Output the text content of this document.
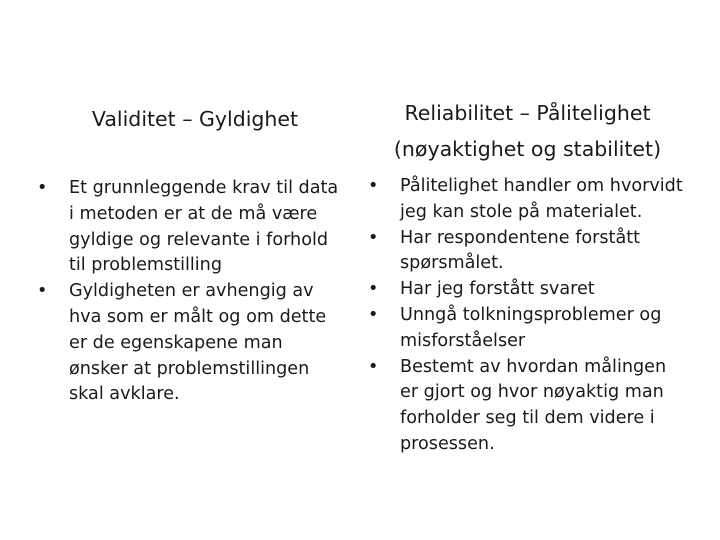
Validitet – Gyldighet	Reliabilitet – Pålitelighet (nøyaktighet og stabilitet)
• Et grunnleggende krav til data i metoden er at de må være gyldige og relevante i forhold til problemstilling
• Gyldigheten er avhengig av hva som er målt og om dette er de egenskapene man ønsker at problemstillingen skal avklare.
• Pålitelighet handler om hvorvidt jeg kan stole på materialet.
• Har respondentene forstått spørsmålet.
• Har jeg forstått svaret
• Unngå tolkningsproblemer og misforståelser
• Bestemt av hvordan målingen er gjort og hvor nøyaktig man forholder seg til dem videre i prosessen.
